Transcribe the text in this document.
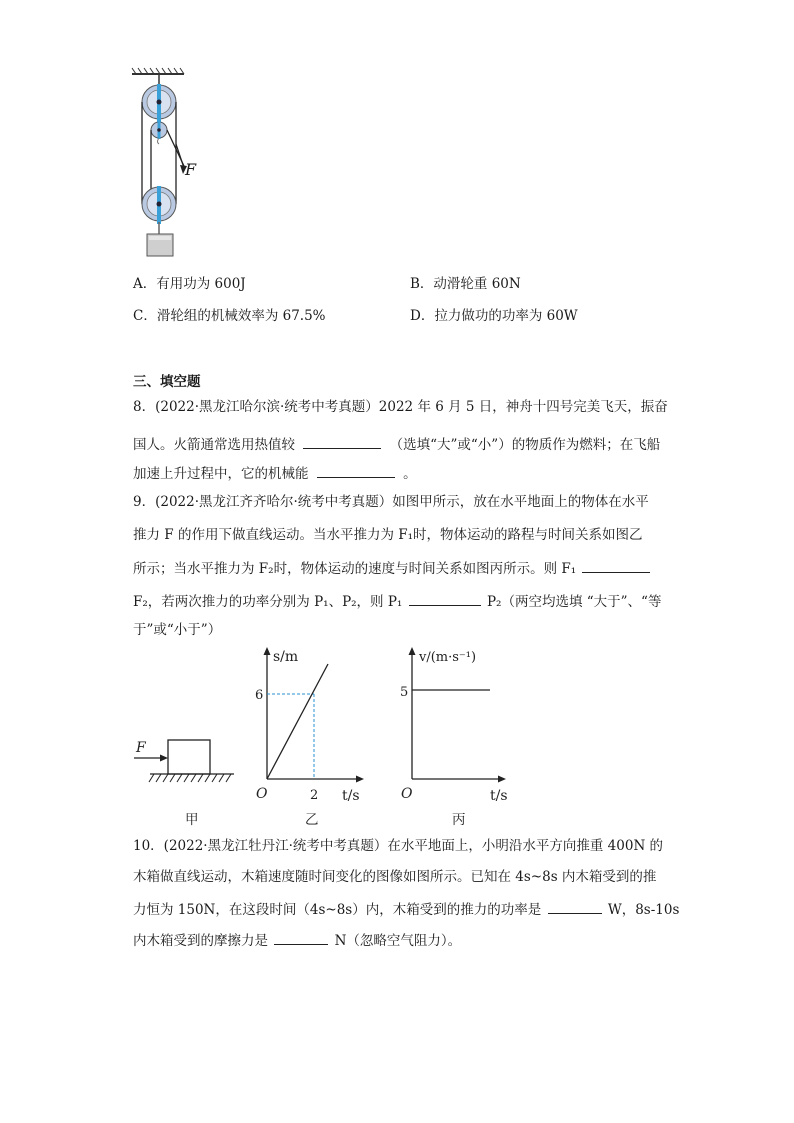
F
A．有用功为 600J	B．动滑轮重 60N
C．滑轮组的机械效率为 67.5%	D．拉力做功的功率为 60W
三、填空题
8．(2022·黑龙江哈尔滨·统考中考真题）2022 年 6 月 5 日，神舟十四号完美飞天，振奋
国人。火箭通常选用热值较	（选填“大”或“小”）的物质作为燃料；在飞船
加速上升过程中，它的机械能	。
9．(2022·黑龙江齐齐哈尔·统考中考真题）如图甲所示，放在水平地面上的物体在水平
推力 F 的作用下做直线运动。当水平推力为 F₁时，物体运动的路程与时间关系如图乙
所示；当水平推力为 F₂时，物体运动的速度与时间关系如图丙所示。则 F₁
F₂，若两次推力的功率分别为 P₁、P₂，则 P₁	P₂（两空均选填 “大于”、“等
于”或“小于”）
F
甲
s/m
6
O	2 t/s
乙
v/(m·s⁻¹)
5
O	t/s
丙
10．(2022·黑龙江牡丹江·统考中考真题）在水平地面上，小明沿水平方向推重 400N 的
木箱做直线运动，木箱速度随时间变化的图像如图所示。已知在 4s~8s 内木箱受到的推
力恒为 150N，在这段时间（4s~8s）内，木箱受到的推力的功率是	W，8s-10s
内木箱受到的摩擦力是	N（忽略空气阻力）。
